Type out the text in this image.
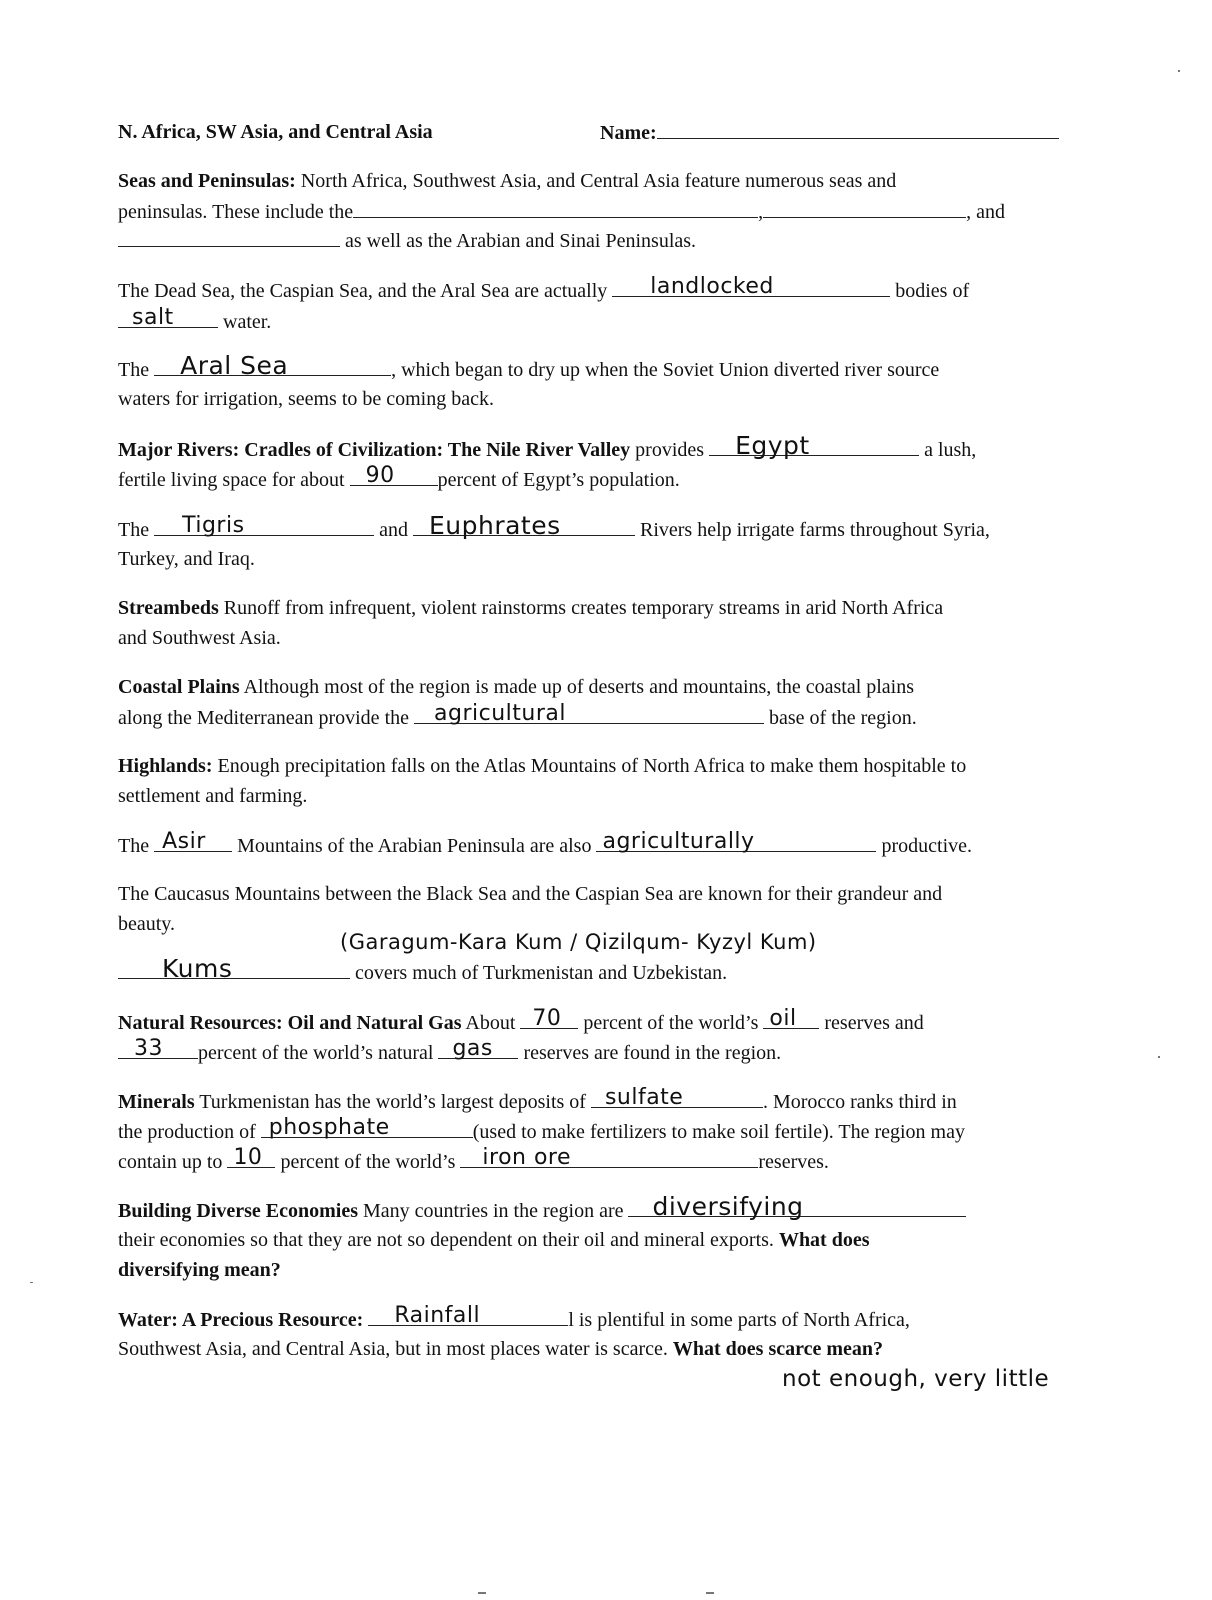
N. Africa, SW Asia, and Central Asia	Name:
Seas and Peninsulas: North Africa, Southwest Asia, and Central Asia feature numerous seas and
peninsulas. These include the	,	, and
as well as the Arabian and Sinai Peninsulas.
The Dead Sea, the Caspian Sea, and the Aral Sea are actually landlocked	bodies of
salt water.
The Aral Sea	, which began to dry up when the Soviet Union diverted river source
waters for irrigation, seems to be coming back.
Major Rivers: Cradles of Civilization: The Nile River Valley provides Egypt	a lush,
fertile living space for about 90 percent of Egypt’s population.
The Tigris	and Euphrates	Rivers help irrigate farms throughout Syria,
Turkey, and Iraq.
Streambeds Runoff from infrequent, violent rainstorms creates temporary streams in arid North Africa
and Southwest Asia.
Coastal Plains Although most of the region is made up of deserts and mountains, the coastal plains
along the Mediterranean provide the agricultural	base of the region.
Highlands: Enough precipitation falls on the Atlas Mountains of North Africa to make them hospitable to
settlement and farming.
The Asir Mountains of the Arabian Peninsula are also agriculturally	productive.
The Caucasus Mountains between the Black Sea and the Caspian Sea are known for their grandeur and
beauty.
(Garagum-Kara Kum / Qizilqum- Kyzyl Kum)
Kums	covers much of Turkmenistan and Uzbekistan.
Natural Resources: Oil and Natural Gas About 70 percent of the world’s oil reserves and
33 percent of the world’s natural gas reserves are found in the region.
Minerals Turkmenistan has the world’s largest deposits of sulfate	. Morocco ranks third in
the production of phosphate	(used to make fertilizers to make soil fertile). The region may
contain up to 10 percent of the world’s iron ore	reserves.
Building Diverse Economies Many countries in the region are diversifying
their economies so that they are not so dependent on their oil and mineral exports. What does
diversifying mean?
Water: A Precious Resource: Rainfall	l is plentiful in some parts of North Africa,
Southwest Asia, and Central Asia, but in most places water is scarce. What does scarce mean?
not enough, very little
